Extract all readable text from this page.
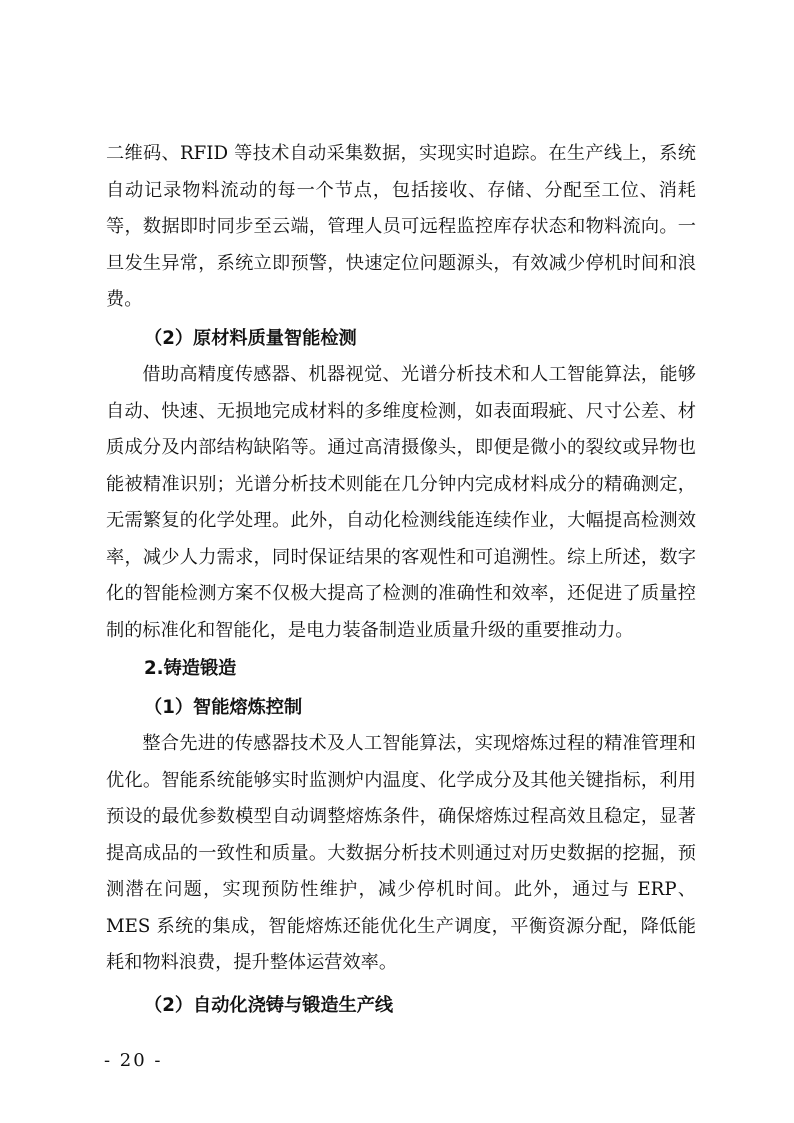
二维码、RFID 等技术自动采集数据，实现实时追踪。在生产线上，系统自动记录物料流动的每一个节点，包括接收、存储、分配至工位、消耗等，数据即时同步至云端，管理人员可远程监控库存状态和物料流向。一旦发生异常，系统立即预警，快速定位问题源头，有效减少停机时间和浪费。

（2）原材料质量智能检测

借助高精度传感器、机器视觉、光谱分析技术和人工智能算法，能够自动、快速、无损地完成材料的多维度检测，如表面瑕疵、尺寸公差、材质成分及内部结构缺陷等。通过高清摄像头，即便是微小的裂纹或异物也能被精准识别；光谱分析技术则能在几分钟内完成材料成分的精确测定，无需繁复的化学处理。此外，自动化检测线能连续作业，大幅提高检测效率，减少人力需求，同时保证结果的客观性和可追溯性。综上所述，数字化的智能检测方案不仅极大提高了检测的准确性和效率，还促进了质量控制的标准化和智能化，是电力装备制造业质量升级的重要推动力。

2.铸造锻造
（1）智能熔炼控制

整合先进的传感器技术及人工智能算法，实现熔炼过程的精准管理和优化。智能系统能够实时监测炉内温度、化学成分及其他关键指标，利用预设的最优参数模型自动调整熔炼条件，确保熔炼过程高效且稳定，显著提高成品的一致性和质量。大数据分析技术则通过对历史数据的挖掘，预测潜在问题，实现预防性维护，减少停机时间。此外，通过与 ERP、MES 系统的集成，智能熔炼还能优化生产调度，平衡资源分配，降低能耗和物料浪费，提升整体运营效率。

（2）自动化浇铸与锻造生产线
- 20 -
